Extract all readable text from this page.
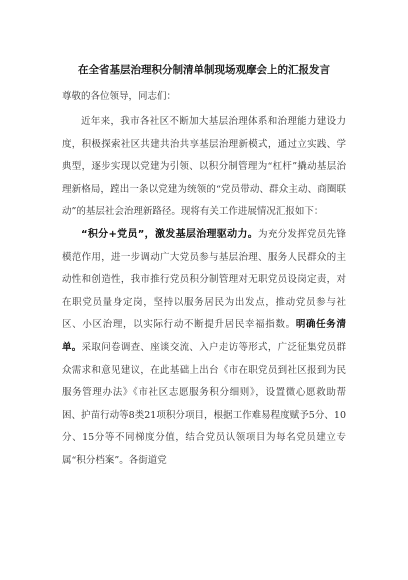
在全省基层治理积分制清单制现场观摩会上的汇报发言

尊敬的各位领导，同志们：

近年来，我市各社区不断加大基层治理体系和治理能力建设力度，积极探索社区共建共治共享基层治理新模式，通过立实践、学典型，逐步实现以党建为引领、以积分制管理为“杠杆”撬动基层治理新格局，蹚出一条以党建为统领的“党员带动、群众主动、商圈联动”的基层社会治理新路径。现将有关工作进展情况汇报如下：

“积分+党员”，激发基层治理驱动力。为充分发挥党员先锋模范作用，进一步调动广大党员参与基层治理、服务人民群众的主动性和创造性，我市推行党员积分制管理对无职党员设岗定责，对在职党员量身定岗，坚持以服务居民为出发点，推动党员参与社区、小区治理，以实际行动不断提升居民幸福指数。明确任务清单。采取问卷调查、座谈交流、入户走访等形式，广泛征集党员群众需求和意见建议，在此基础上出台《市在职党员到社区报到为民服务管理办法》《市社区志愿服务积分细则》，设置微心愿救助帮困、护苗行动等8类21项积分项目，根据工作难易程度赋予5分、10分、15分等不同梯度分值，结合党员认领项目为每名党员建立专属“积分档案”。各街道党
